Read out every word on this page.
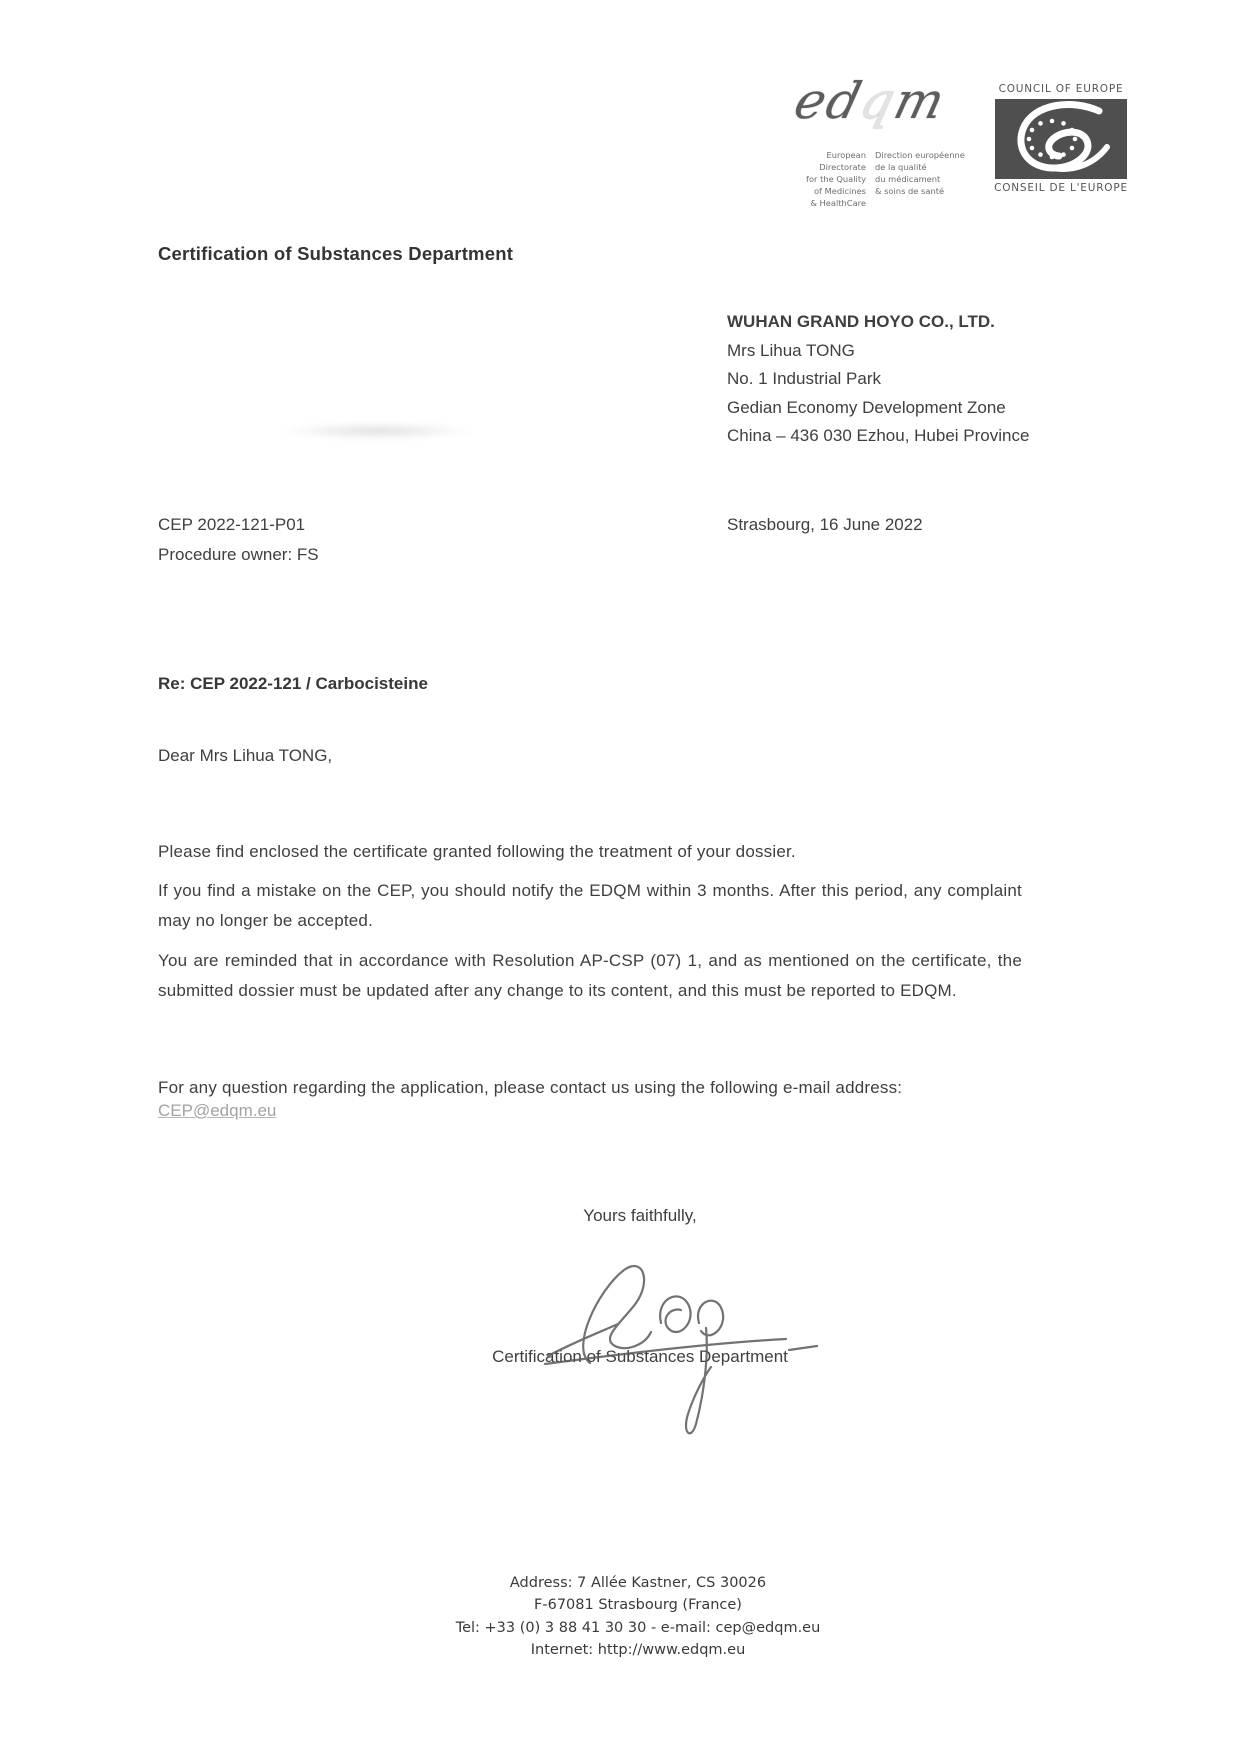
edqm
European Directorate
for the Quality
of Medicines
& HealthCare
Direction européenne
de la qualité
du médicament
& soins de santé
COUNCIL OF EUROPE
CONSEIL DE L'EUROPE
Certification of Substances Department
WUHAN GRAND HOYO CO., LTD.
Mrs Lihua TONG
No. 1 Industrial Park
Gedian Economy Development Zone
China – 436 030 Ezhou, Hubei Province
CEP 2022-121-P01	Strasbourg, 16 June 2022
Procedure owner: FS
Re: CEP 2022-121 / Carbocisteine
Dear Mrs Lihua TONG,
Please find enclosed the certificate granted following the treatment of your dossier.
If you find a mistake on the CEP, you should notify the EDQM within 3 months. After this period, any complaint may no longer be accepted.
You are reminded that in accordance with Resolution AP-CSP (07) 1, and as mentioned on the certificate, the submitted dossier must be updated after any change to its content, and this must be reported to EDQM.
For any question regarding the application, please contact us using the following e-mail address:
CEP@edqm.eu
Yours faithfully,
Certification of Substances Department
Address: 7 Allée Kastner, CS 30026
F-67081 Strasbourg (France)
Tel: +33 (0) 3 88 41 30 30 - e-mail: cep@edqm.eu
Internet: http://www.edqm.eu
